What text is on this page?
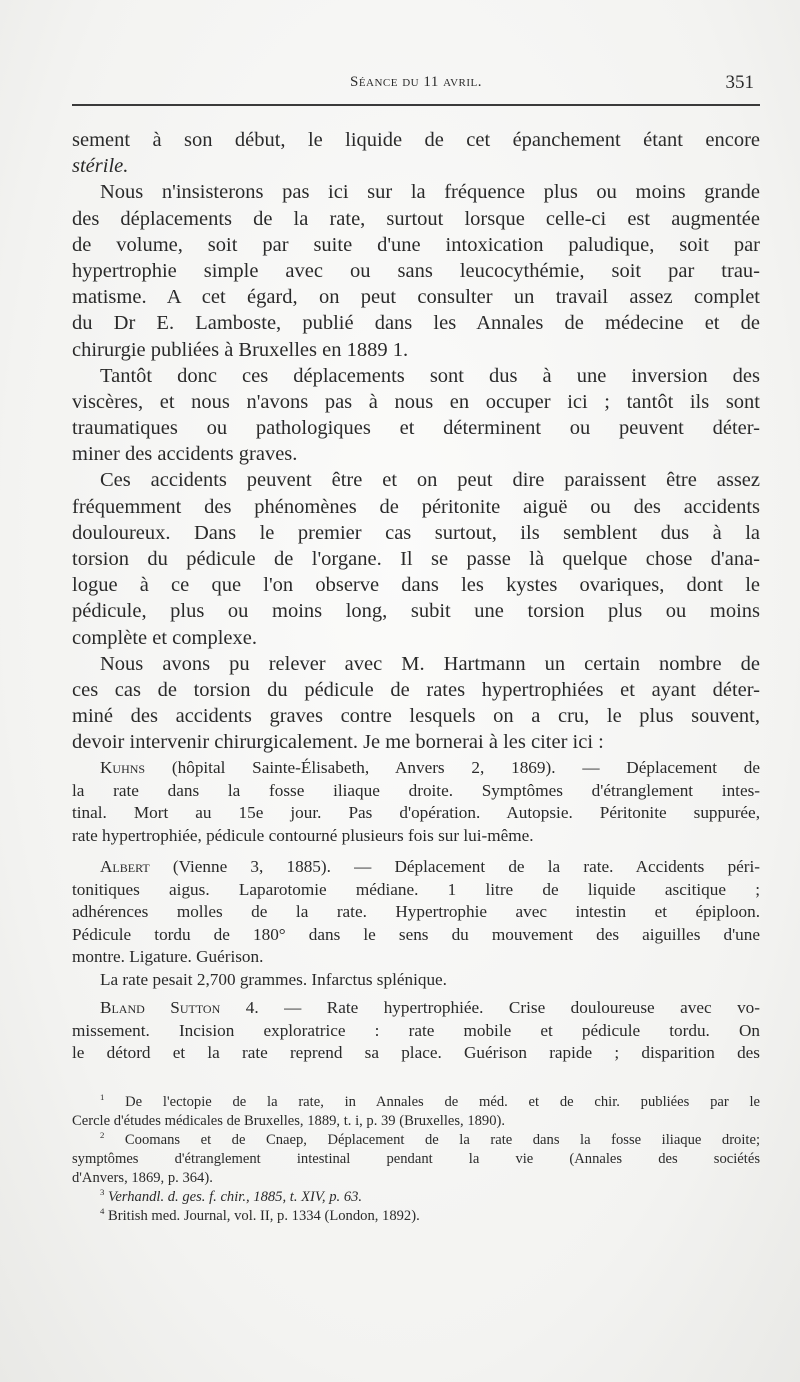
Séance du 11 avril.	351
sement à son début, le liquide de cet épanchement étant encore
stérile.
Nous n'insisterons pas ici sur la fréquence plus ou moins grande
des déplacements de la rate, surtout lorsque celle-ci est augmentée
de volume, soit par suite d'une intoxication paludique, soit par
hypertrophie simple avec ou sans leucocythémie, soit par trau-
matisme. A cet égard, on peut consulter un travail assez complet
du Dr E. Lamboste, publié dans les Annales de médecine et de
chirurgie publiées à Bruxelles en 1889 1.
Tantôt donc ces déplacements sont dus à une inversion des
viscères, et nous n'avons pas à nous en occuper ici ; tantôt ils sont
traumatiques ou pathologiques et déterminent ou peuvent déter-
miner des accidents graves.
Ces accidents peuvent être et on peut dire paraissent être assez
fréquemment des phénomènes de péritonite aiguë ou des accidents
douloureux. Dans le premier cas surtout, ils semblent dus à la
torsion du pédicule de l'organe. Il se passe là quelque chose d'ana-
logue à ce que l'on observe dans les kystes ovariques, dont le
pédicule, plus ou moins long, subit une torsion plus ou moins
complète et complexe.
Nous avons pu relever avec M. Hartmann un certain nombre de
ces cas de torsion du pédicule de rates hypertrophiées et ayant déter-
miné des accidents graves contre lesquels on a cru, le plus souvent,
devoir intervenir chirurgicalement. Je me bornerai à les citer ici :
Kuhns (hôpital Sainte-Élisabeth, Anvers 2, 1869). — Déplacement de
la rate dans la fosse iliaque droite. Symptômes d'étranglement intes-
tinal. Mort au 15e jour. Pas d'opération. Autopsie. Péritonite suppurée,
rate hypertrophiée, pédicule contourné plusieurs fois sur lui-même.
Albert (Vienne 3, 1885). — Déplacement de la rate. Accidents péri-
tonitiques aigus. Laparotomie médiane. 1 litre de liquide ascitique ;
adhérences molles de la rate. Hypertrophie avec intestin et épiploon.
Pédicule tordu de 180° dans le sens du mouvement des aiguilles d'une
montre. Ligature. Guérison.
La rate pesait 2,700 grammes. Infarctus splénique.
Bland Sutton 4. — Rate hypertrophiée. Crise douloureuse avec vo-
missement. Incision exploratrice : rate mobile et pédicule tordu. On
le détord et la rate reprend sa place. Guérison rapide ; disparition des
$^1$ De l'ectopie de la rate, in Annales de méd. et de chir. publiées par le
Cercle d'études médicales de Bruxelles, 1889, t. i, p. 39 (Bruxelles, 1890).
$^2$ Coomans et de Cnaep, Déplacement de la rate dans la fosse iliaque droite;
symptômes d'étranglement intestinal pendant la vie (Annales des sociétés
d'Anvers, 1869, p. 364).
$^3$ Verhandl. d. ges. f. chir., 1885, t. XIV, p. 63.
$^4$ British med. Journal, vol. II, p. 1334 (London, 1892).
